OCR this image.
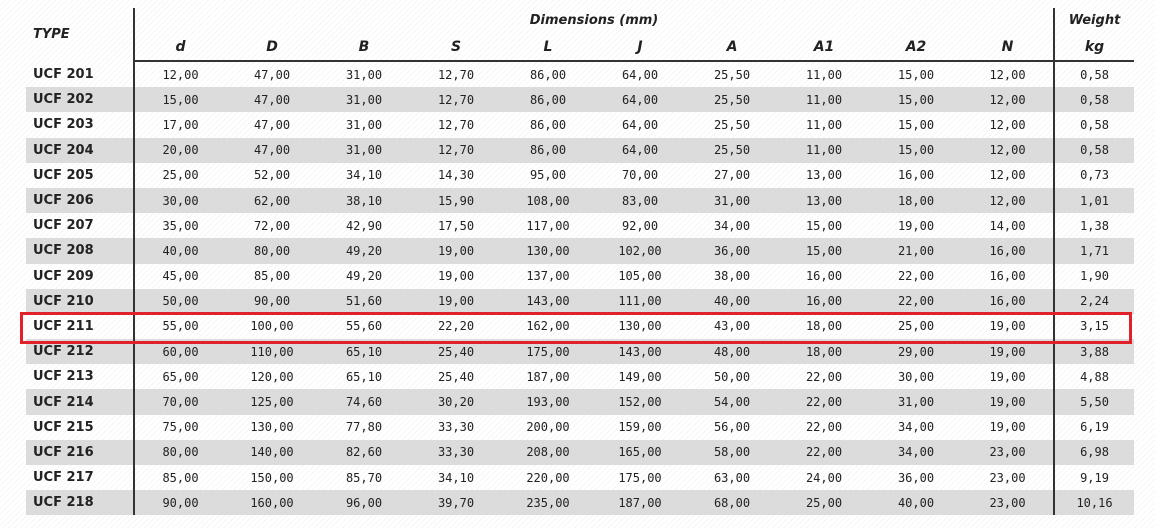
TYPE	Dimensions (mm)										Weight
	d	D	B	S	L	J	A	A1	A2	N	kg
UCF 201	12,00	47,00	31,00	12,70	86,00	64,00	25,50	11,00	15,00	12,00	0,58
UCF 202	15,00	47,00	31,00	12,70	86,00	64,00	25,50	11,00	15,00	12,00	0,58
UCF 203	17,00	47,00	31,00	12,70	86,00	64,00	25,50	11,00	15,00	12,00	0,58
UCF 204	20,00	47,00	31,00	12,70	86,00	64,00	25,50	11,00	15,00	12,00	0,58
UCF 205	25,00	52,00	34,10	14,30	95,00	70,00	27,00	13,00	16,00	12,00	0,73
UCF 206	30,00	62,00	38,10	15,90	108,00	83,00	31,00	13,00	18,00	12,00	1,01
UCF 207	35,00	72,00	42,90	17,50	117,00	92,00	34,00	15,00	19,00	14,00	1,38
UCF 208	40,00	80,00	49,20	19,00	130,00	102,00	36,00	15,00	21,00	16,00	1,71
UCF 209	45,00	85,00	49,20	19,00	137,00	105,00	38,00	16,00	22,00	16,00	1,90
UCF 210	50,00	90,00	51,60	19,00	143,00	111,00	40,00	16,00	22,00	16,00	2,24
UCF 211	55,00	100,00	55,60	22,20	162,00	130,00	43,00	18,00	25,00	19,00	3,15
UCF 212	60,00	110,00	65,10	25,40	175,00	143,00	48,00	18,00	29,00	19,00	3,88
UCF 213	65,00	120,00	65,10	25,40	187,00	149,00	50,00	22,00	30,00	19,00	4,88
UCF 214	70,00	125,00	74,60	30,20	193,00	152,00	54,00	22,00	31,00	19,00	5,50
UCF 215	75,00	130,00	77,80	33,30	200,00	159,00	56,00	22,00	34,00	19,00	6,19
UCF 216	80,00	140,00	82,60	33,30	208,00	165,00	58,00	22,00	34,00	23,00	6,98
UCF 217	85,00	150,00	85,70	34,10	220,00	175,00	63,00	24,00	36,00	23,00	9,19
UCF 218	90,00	160,00	96,00	39,70	235,00	187,00	68,00	25,00	40,00	23,00	10,16
